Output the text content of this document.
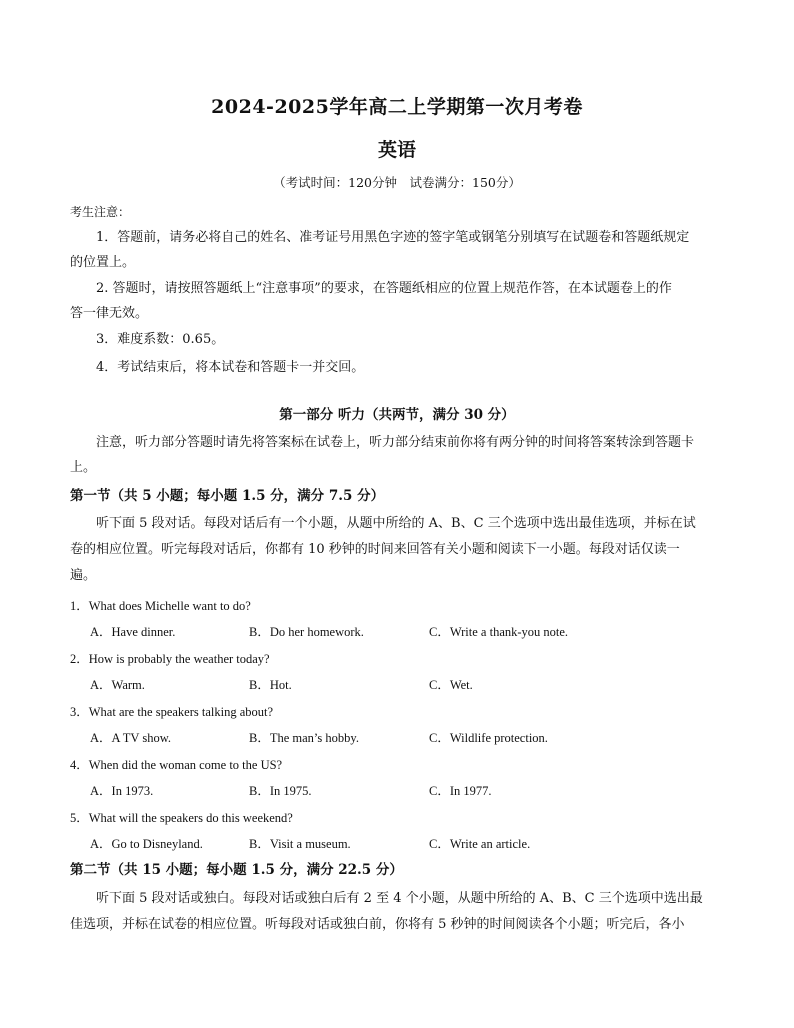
2024-2025学年高二上学期第一次月考卷
英语
（考试时间：120分钟　试卷满分：150分）
考生注意：
1．答题前，请务必将自己的姓名、准考证号用黑色字迹的签字笔或钢笔分别填写在试题卷和答题纸规定
的位置上。
2. 答题时，请按照答题纸上“注意事项”的要求，在答题纸相应的位置上规范作答，在本试题卷上的作
答一律无效。
3．难度系数：0.65。
4．考试结束后，将本试卷和答题卡一并交回。
第一部分 听力（共两节，满分 30 分）
注意，听力部分答题时请先将答案标在试卷上，听力部分结束前你将有两分钟的时间将答案转涂到答题卡
上。
第一节（共 5 小题；每小题 1.5 分，满分 7.5 分）
听下面 5 段对话。每段对话后有一个小题，从题中所给的 A、B、C 三个选项中选出最佳选项，并标在试
卷的相应位置。听完每段对话后，你都有 10 秒钟的时间来回答有关小题和阅读下一小题。每段对话仅读一
遍。
1．What does Michelle want to do?
A．Have dinner.	B．Do her homework.	C．Write a thank-you note.
2．How is probably the weather today?
A．Warm.	B．Hot.	C．Wet.
3．What are the speakers talking about?
A．A TV show.	B．The man’s hobby.	C．Wildlife protection.
4．When did the woman come to the US?
A．In 1973.	B．In 1975.	C．In 1977.
5．What will the speakers do this weekend?
A．Go to Disneyland.	B．Visit a museum.	C．Write an article.
第二节（共 15 小题；每小题 1.5 分，满分 22.5 分）
听下面 5 段对话或独白。每段对话或独白后有 2 至 4 个小题，从题中所给的 A、B、C 三个选项中选出最
佳选项，并标在试卷的相应位置。听每段对话或独白前，你将有 5 秒钟的时间阅读各个小题；听完后，各小
